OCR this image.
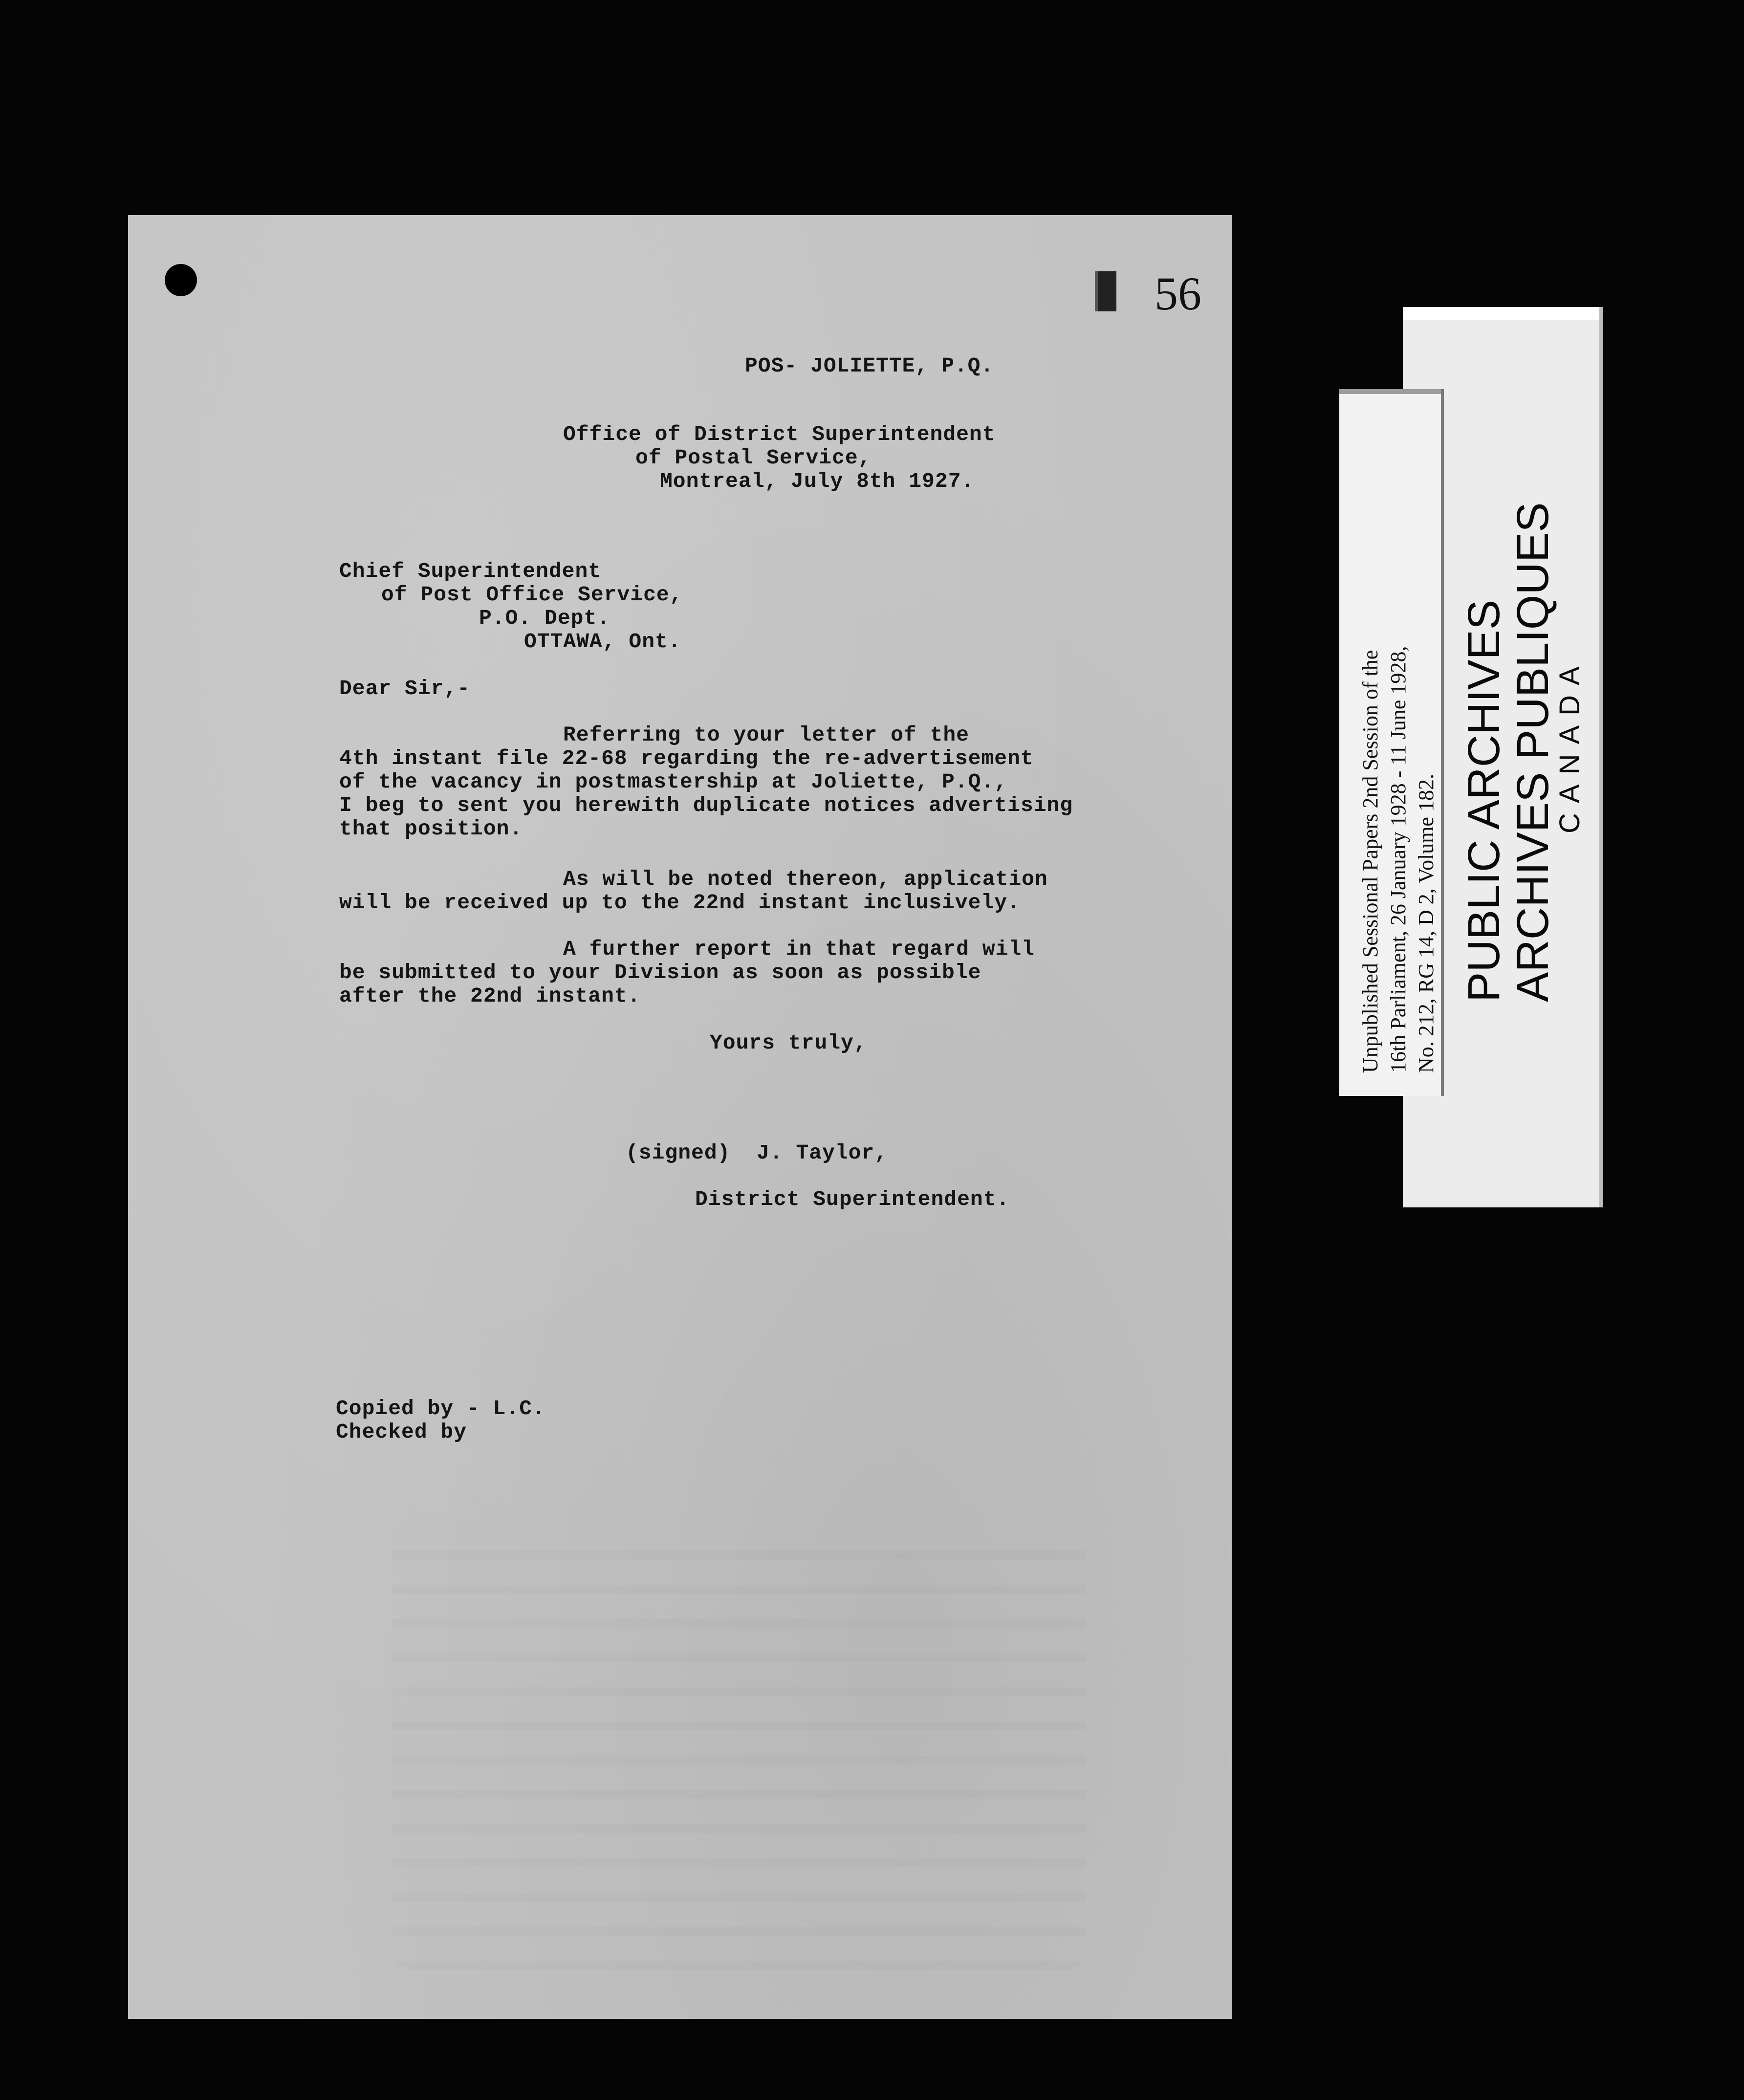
56
POS- JOLIETTE, P.Q.
Office of District Superintendent
of Postal Service,
Montreal, July 8th 1927.
Chief Superintendent
of Post Office Service,
P.O. Dept.
OTTAWA, Ont.
Dear Sir,-
Referring to your letter of the
4th instant file 22-68 regarding the re-advertisement
of the vacancy in postmastership at Joliette, P.Q.,
I beg to sent you herewith duplicate notices advertising
that position.
As will be noted thereon, application
will be received up to the 22nd instant inclusively.
A further report in that regard will
be submitted to your Division as soon as possible
after the 22nd instant.
Yours truly,
(signed)  J. Taylor,
District Superintendent.
Copied by - L.C.
Checked by
Unpublished Sessional Papers 2nd Session of the 16th Parliament, 26 January 1928 - 11 June 1928, No. 212, RG 14, D 2, Volume 182. PUBLIC ARCHIVES
ARCHIVES PUBLIQUES
CANADA
